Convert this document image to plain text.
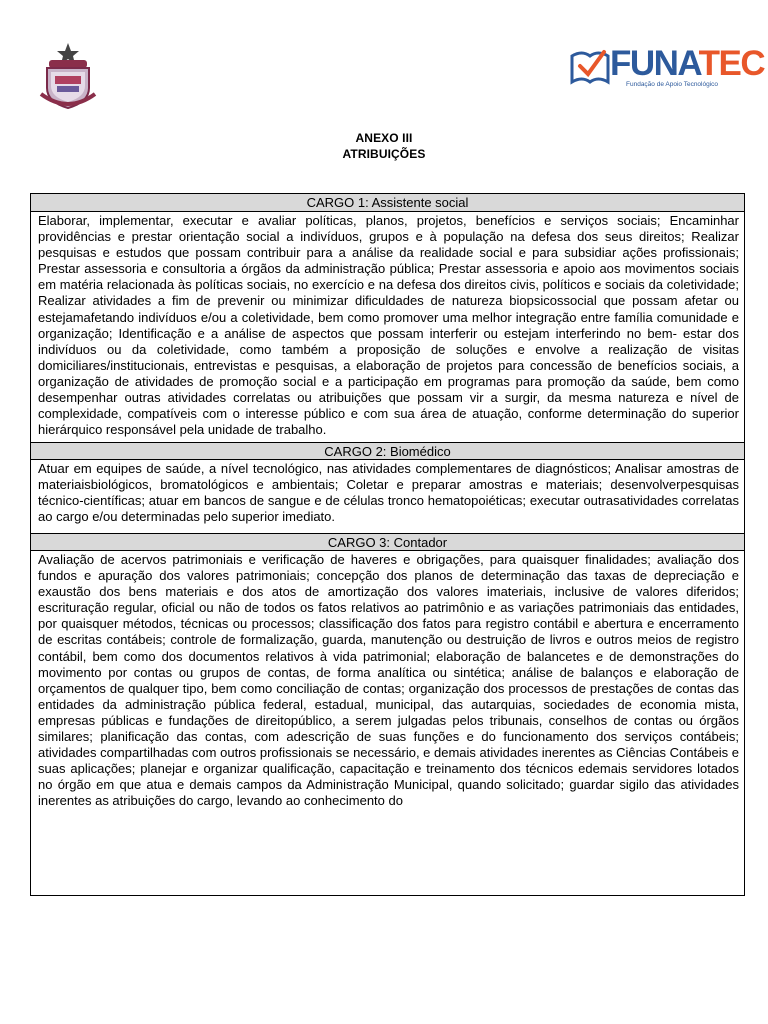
FUNATEC
Fundação de Apoio Tecnológico
ANEXO III
ATRIBUIÇÕES
CARGO 1: Assistente social
Elaborar, implementar, executar e avaliar políticas, planos, projetos, benefícios e serviços sociais; Encaminhar providências e prestar orientação social a indivíduos, grupos e à população na defesa dos seus direitos; Realizar pesquisas e estudos que possam contribuir para a análise da realidade social e para subsidiar ações profissionais; Prestar assessoria e consultoria a órgãos da administração pública; Prestar assessoria e apoio aos movimentos sociais em matéria relacionada às políticas sociais, no exercício e na defesa dos direitos civis, políticos e sociais da coletividade; Realizar atividades a fim de prevenir ou minimizar dificuldades de natureza biopsicossocial que possam afetar ou estejamafetando indivíduos e/ou a coletividade, bem como promover uma melhor integração entre família comunidade e organização; Identificação e a análise de aspectos que possam interferir ou estejam interferindo no bem- estar dos indivíduos ou da coletividade, como também a proposição de soluções e envolve a realização de visitas domiciliares/institucionais, entrevistas e pesquisas, a elaboração de projetos para concessão de benefícios sociais, a organização de atividades de promoção social e a participação em programas para promoção da saúde, bem como desempenhar outras atividades correlatas ou atribuições que possam vir a surgir, da mesma natureza e nível de complexidade, compatíveis com o interesse público e com sua área de atuação, conforme determinação do superior hierárquico responsável pela unidade de trabalho.
CARGO 2: Biomédico
Atuar em equipes de saúde, a nível tecnológico, nas atividades complementares de diagnósticos; Analisar amostras de materiaisbiológicos, bromatológicos e ambientais; Coletar e preparar amostras e materiais; desenvolverpesquisas técnico-científicas; atuar em bancos de sangue e de células tronco hematopoiéticas; executar outrasatividades correlatas ao cargo e/ou determinadas pelo superior imediato.
CARGO 3: Contador
Avaliação de acervos patrimoniais e verificação de haveres e obrigações, para quaisquer finalidades; avaliação dos fundos e apuração dos valores patrimoniais; concepção dos planos de determinação das taxas de depreciação e exaustão dos bens materiais e dos atos de amortização dos valores imateriais, inclusive de valores diferidos; escrituração regular, oficial ou não de todos os fatos relativos ao patrimônio e as variações patrimoniais das entidades, por quaisquer métodos, técnicas ou processos; classificação dos fatos para registro contábil e abertura e encerramento de escritas contábeis; controle de formalização, guarda, manutenção ou destruição de livros e outros meios de registro contábil, bem como dos documentos relativos à vida patrimonial; elaboração de balancetes e de demonstrações do movimento por contas ou grupos de contas, de forma analítica ou sintética; análise de balanços e elaboração de orçamentos de qualquer tipo, bem como conciliação de contas; organização dos processos de prestações de contas das entidades da administração pública federal, estadual, municipal, das autarquias, sociedades de economia mista, empresas públicas e fundações de direitopúblico, a serem julgadas pelos tribunais, conselhos de contas ou órgãos similares; planificação das contas, com adescrição de suas funções e do funcionamento dos serviços contábeis; atividades compartilhadas com outros profissionais se necessário, e demais atividades inerentes as Ciências Contábeis e suas aplicações; planejar e organizar qualificação, capacitação e treinamento dos técnicos edemais servidores lotados no órgão em que atua e demais campos da Administração Municipal, quando solicitado; guardar sigilo das atividades inerentes as atribuições do cargo, levando ao conhecimento do
